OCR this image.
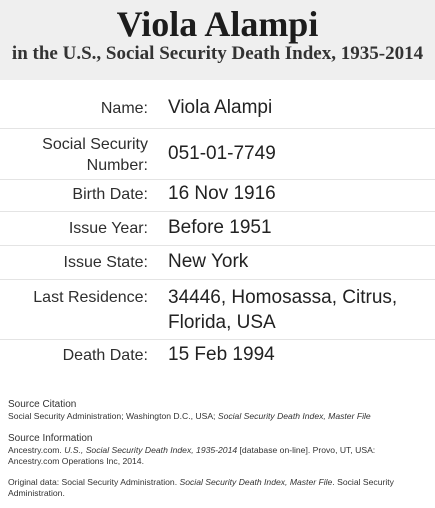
Viola Alampi
in the U.S., Social Security Death Index, 1935-2014
Name: Viola Alampi
Social Security
Number:
051-01-7749
Birth Date: 16 Nov 1916
Issue Year: Before 1951
Issue State: New York
Last Residence: 34446, Homosassa, Citrus,
Florida, USA
Death Date: 15 Feb 1994
Source Citation
Social Security Administration; Washington D.C., USA; Social Security Death Index, Master File
Source Information
Ancestry.com. U.S., Social Security Death Index, 1935-2014 [database on-line]. Provo, UT, USA:
Ancestry.com Operations Inc, 2014.
Original data: Social Security Administration. Social Security Death Index, Master File. Social Security
Administration.
